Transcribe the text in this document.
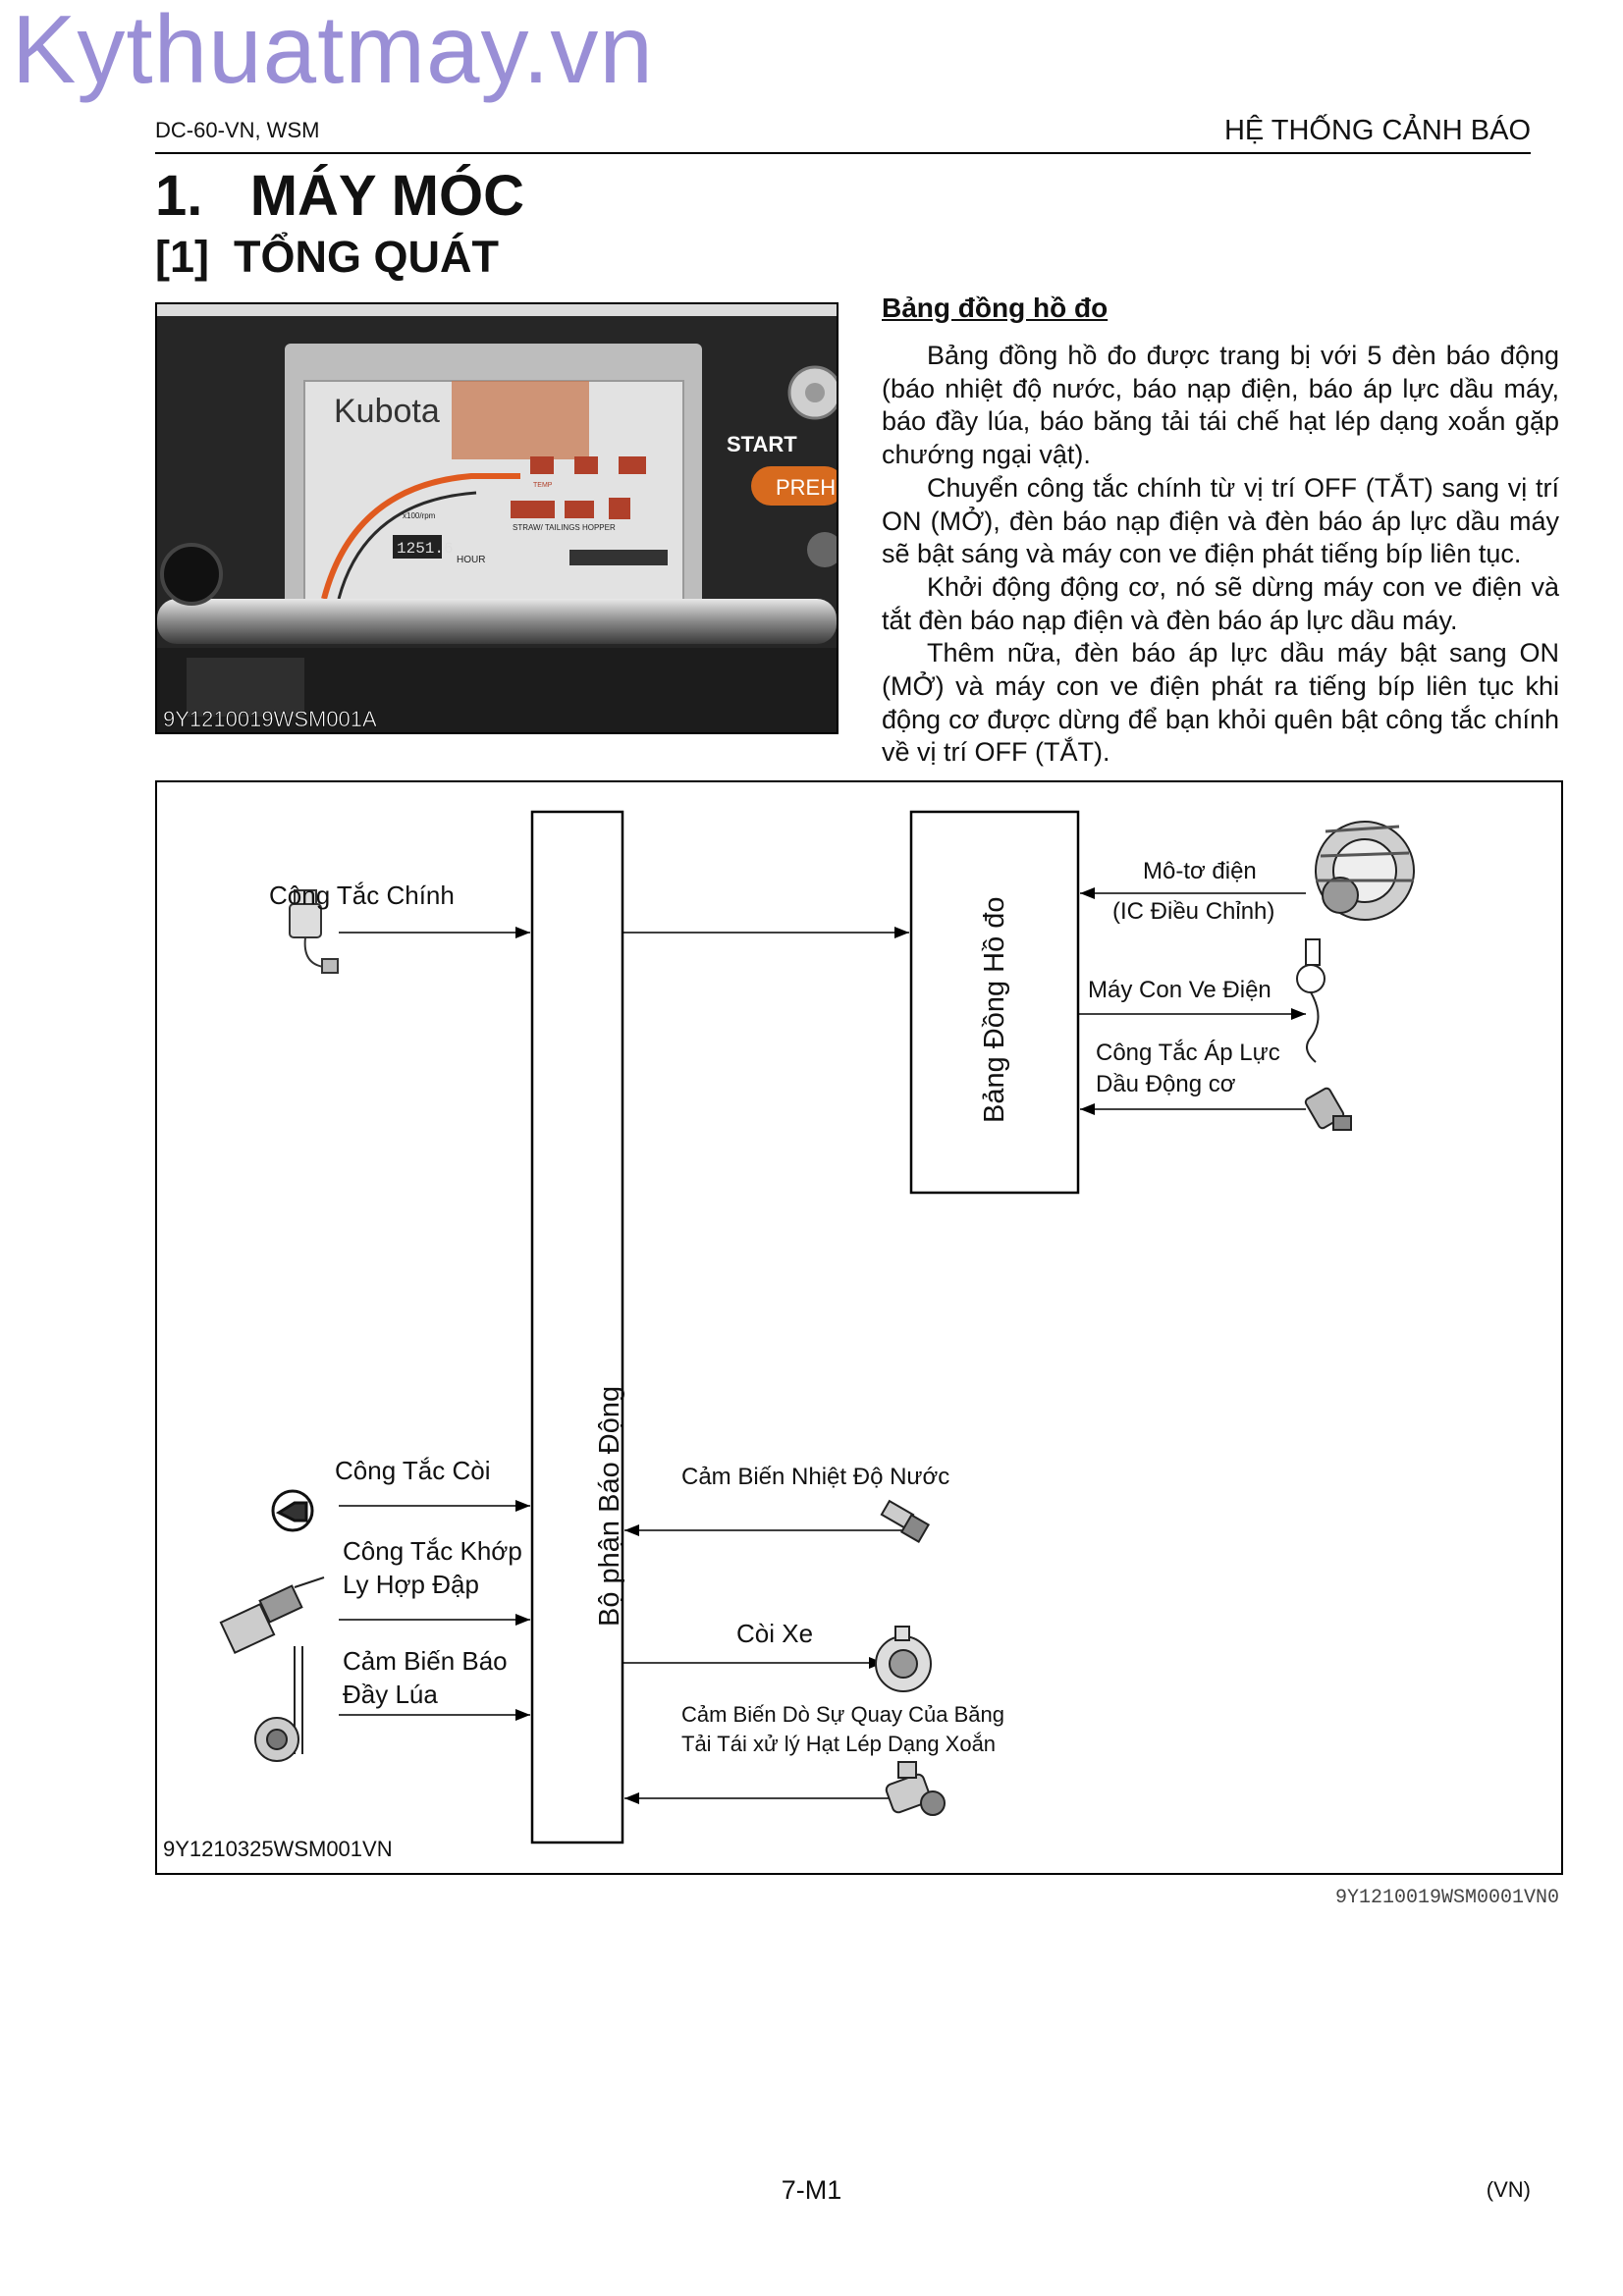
Kythuatmay.vn
DC-60-VN, WSM	HỆ THỐNG CẢNH BÁO
1.   MÁY MÓC
[1]  TỔNG QUÁT
Kubota
1251.6
x100/rpm
HOUR
TEMP
STRAW/ TAILINGS HOPPER
START
PREH
9Y1210019WSM001A
Bảng đồng hồ đo

Bảng đồng hồ đo được trang bị với 5 đèn báo động (báo nhiệt độ nước, báo nạp điện, báo áp lực dầu máy, báo đầy lúa, báo băng tải tái chế hạt lép dạng xoắn gặp chướng ngại vật).

Chuyển công tắc chính từ vị trí OFF (TẮT) sang vị trí ON (MỞ), đèn báo nạp điện và đèn báo áp lực dầu máy sẽ bật sáng và máy con ve điện phát tiếng bíp liên tục.

Khởi động động cơ, nó sẽ dừng máy con ve điện và tắt đèn báo nạp điện và đèn báo áp lực dầu máy.

Thêm nữa, đèn báo áp lực dầu máy bật sang ON (MỞ) và máy con ve điện phát ra tiếng bíp liên tục khi động cơ được dừng để bạn khỏi quên bật công tắc chính về vị trí OFF (TẮT).

Công Tắc Chính
Bộ phận Báo Động
Bảng Đồng Hồ đo
Mô-tơ điện
(IC Điều Chỉnh)
Máy Con Ve Điện
Công Tắc Áp Lực
Dầu Động cơ
Công Tắc Còi
Công Tắc Khớp
Ly Hợp Đập
Cảm Biến Báo
Đầy Lúa
Cảm Biến Nhiệt Độ Nước
Còi Xe
Cảm Biến Dò Sự Quay Của Băng
Tải Tái xử lý Hạt Lép Dạng Xoắn
9Y1210325WSM001VN
9Y1210019WSM0001VN0
7-M1	(VN)
